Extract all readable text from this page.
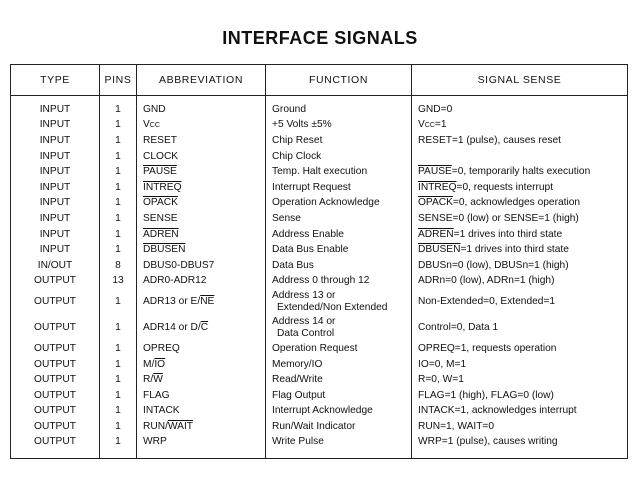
INTERFACE SIGNALS
TYPE	PINS	ABBREVIATION	FUNCTION	SIGNAL SENSE
INPUT	1	GND	Ground	GND=0
INPUT	1	VCC	+5 Volts ±5%	VCC=1
INPUT	1	RESET	Chip Reset	RESET=1 (pulse), causes reset
INPUT	1	CLOCK	Chip Clock	
INPUT	1	PAUSE	Temp. Halt execution	PAUSE=0, temporarily halts execution
INPUT	1	INTREQ	Interrupt Request	INTREQ=0, requests interrupt
INPUT	1	OPACK	Operation Acknowledge	OPACK=0, acknowledges operation
INPUT	1	SENSE	Sense	SENSE=0 (low) or SENSE=1 (high)
INPUT	1	ADREN	Address Enable	ADREN=1 drives into third state
INPUT	1	DBUSEN	Data Bus Enable	DBUSEN=1 drives into third state
IN/OUT	8	DBUS0-DBUS7	Data Bus	DBUSn=0 (low), DBUSn=1 (high)
OUTPUT	13	ADR0-ADR12	Address 0 through 12	ADRn=0 (low), ADRn=1 (high)
OUTPUT	1	ADR13 or $E/\overline{NE}$	Address 13 or
Extended/Non Extended	Non-Extended=0, Extended=1
OUTPUT	1	ADR14 or $D/\overline{C}$	Address 14 or
Data Control	Control=0, Data 1
OUTPUT	1	OPREQ	Operation Request	OPREQ=1, requests operation
OUTPUT	1	$M/\overline{IO}$	Memory/IO	IO=0, M=1
OUTPUT	1	$R/\overline{W}$	Read/Write	R=0, W=1
OUTPUT	1	FLAG	Flag Output	FLAG=1 (high), FLAG=0 (low)
OUTPUT	1	INTACK	Interrupt Acknowledge	INTACK=1, acknowledges interrupt
OUTPUT	1	RUN/WAIT	Run/Wait Indicator	RUN=1, WAIT=0
OUTPUT	1	WRP	Write Pulse	WRP=1 (pulse), causes writing
